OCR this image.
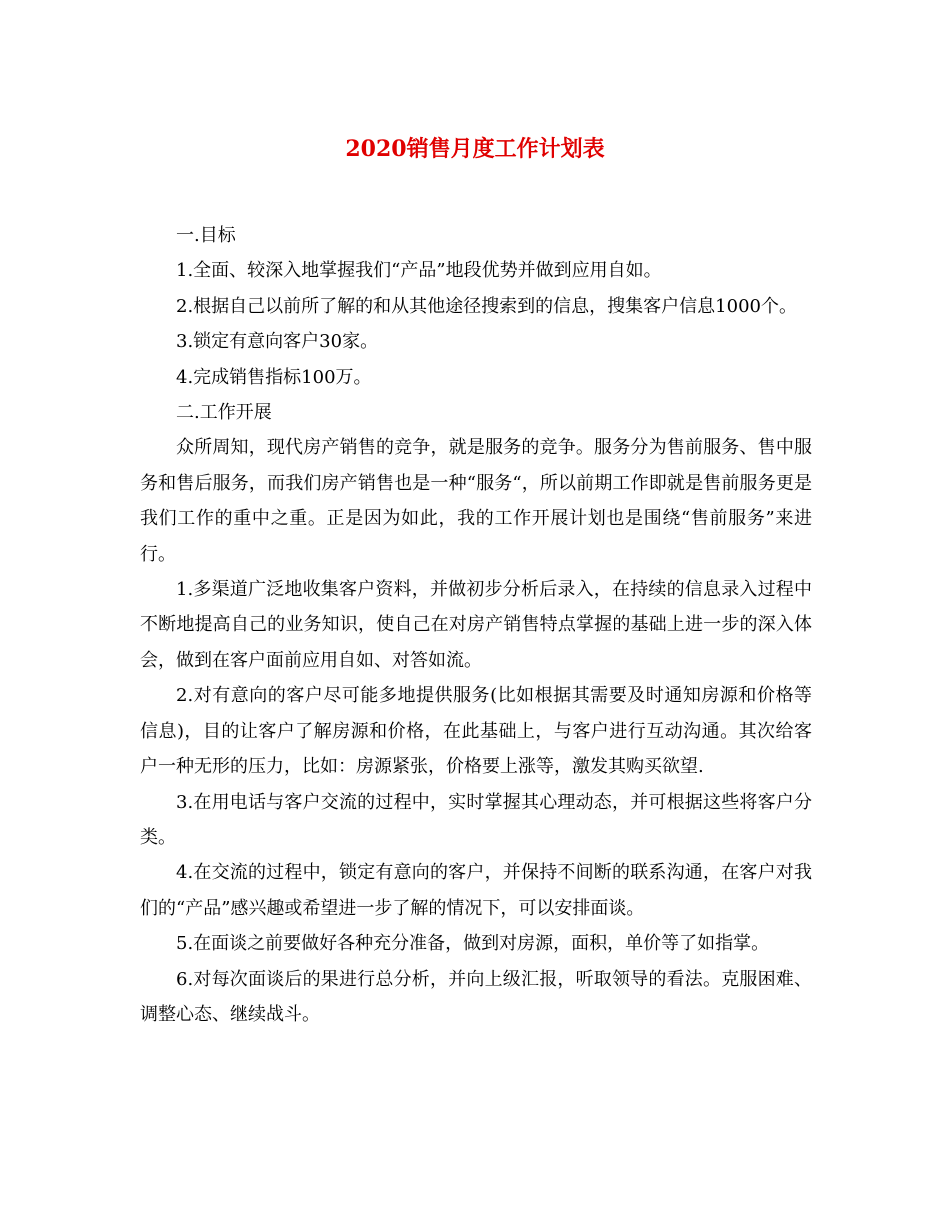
2020销售月度工作计划表

一.目标

1.全面、较深入地掌握我们“产品”地段优势并做到应用自如。

2.根据自己以前所了解的和从其他途径搜索到的信息，搜集客户信息1000个。

3.锁定有意向客户30家。

4.完成销售指标100万。

二.工作开展

众所周知，现代房产销售的竞争，就是服务的竞争。服务分为售前服务、售中服务和售后服务，而我们房产销售也是一种“服务“，所以前期工作即就是售前服务更是我们工作的重中之重。正是因为如此，我的工作开展计划也是围绕“售前服务”来进行。

1.多渠道广泛地收集客户资料，并做初步分析后录入，在持续的信息录入过程中不断地提高自己的业务知识，使自己在对房产销售特点掌握的基础上进一步的深入体会，做到在客户面前应用自如、对答如流。

2.对有意向的客户尽可能多地提供服务(比如根据其需要及时通知房源和价格等信息)，目的让客户了解房源和价格，在此基础上，与客户进行互动沟通。其次给客户一种无形的压力，比如：房源紧张，价格要上涨等，激发其购买欲望.

3.在用电话与客户交流的过程中，实时掌握其心理动态，并可根据这些将客户分类。

4.在交流的过程中，锁定有意向的客户，并保持不间断的联系沟通，在客户对我们的“产品”感兴趣或希望进一步了解的情况下，可以安排面谈。

5.在面谈之前要做好各种充分准备，做到对房源，面积，单价等了如指掌。

6.对每次面谈后的果进行总分析，并向上级汇报，听取领导的看法。克服困难、调整心态、继续战斗。
